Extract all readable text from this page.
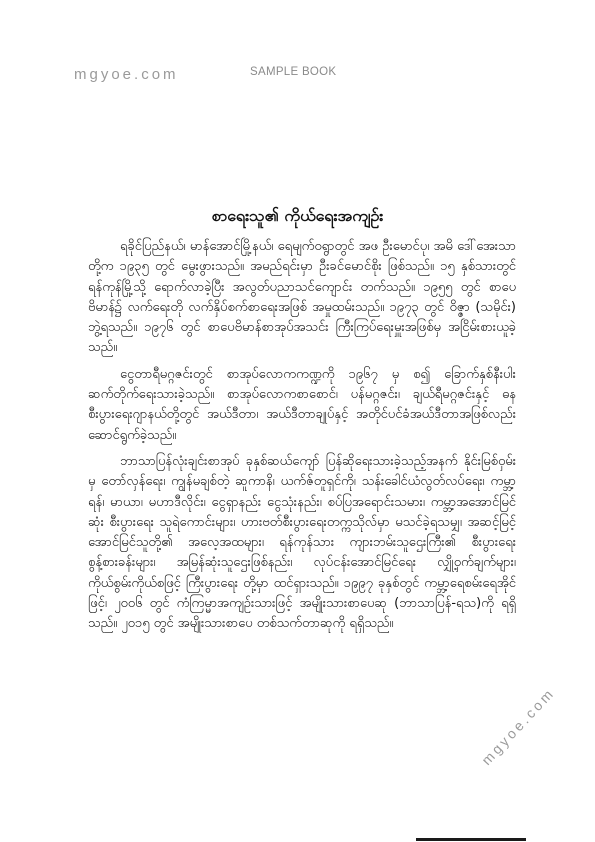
mgyoe.com	SAMPLE BOOK
စာရေးသူ၏ ကိုယ်ရေးအကျဉ်း

ရခိုင်ပြည်နယ်၊ မာန်အောင်မြို့နယ်၊ ရေမျက်ဝရွာတွင် အဖ ဦးမောင်ပု၊ အမိ ဒေါ်အေးသာတို့က ၁၉၃၅ တွင် မွေးဖွားသည်။ အမည်ရင်းမှာ ဦးခင်မောင်စိုး ဖြစ်သည်။ ၁၅ နှစ်သားတွင် ရန်ကုန်မြို့သို့ ရောက်လာခဲ့ပြီး အလွတ်ပညာသင်ကျောင်း တက်သည်။ ၁၉၅၅ တွင် စာပေဗိမာန်၌ လက်ရေးတို လက်နှိပ်စက်စာရေးအဖြစ် အမှုထမ်းသည်။ ၁၉၇၃ တွင် ဝိဇ္ဇာ (သမိုင်း) ဘွဲ့ရသည်။ ၁၉၇၆ တွင် စာပေဗိမာန်စာအုပ်အသင်း ကြီးကြပ်ရေးမှူးအဖြစ်မှ အငြိမ်းစားယူခဲ့သည်။

ငွေတာရီမဂ္ဂဇင်းတွင် စာအုပ်လောကကဏ္ဍကို ၁၉၆၇ မှ စ၍ ခြောက်နှစ်နီးပါး ဆက်တိုက်ရေးသားခဲ့သည်။ စာအုပ်လောကစာစောင်၊ ပန်မဂ္ဂဇင်း၊ ချယ်ရီမဂ္ဂဇင်းနှင့် ဓနစီးပွားရေးဂျာနယ်တို့တွင် အယ်ဒီတာ၊ အယ်ဒီတာချုပ်နှင့် အတိုင်ပင်ခံအယ်ဒီတာအဖြစ်လည်း ဆောင်ရွက်ခဲ့သည်။

ဘာသာပြန်လုံးချင်းစာအုပ် ခုနှစ်ဆယ်ကျော် ပြန်ဆိုရေးသားခဲ့သည့်အနက် နိုင်းမြစ်ဝှမ်းမှ တော်လှန်ရေး၊ ကျွန်မချစ်တဲ့ ဆူကာနိ၊ ယက်ဇ်တူရှင်ကို၊ သန်းခေါင်ယံလွတ်လပ်ရေး၊ ကမ္ဘာ့ရန်၊ မာယာ၊ မဟာဒီလိုင်း၊ ငွေရှာနည်း ငွေသုံးနည်း၊ စပ်ပြအရောင်းသမား၊ ကမ္ဘာ့အအောင်မြင်ဆုံး စီးပွားရေး သူရဲကောင်းများ၊ ဟားဗတ်စီးပွားရေးတက္ကသိုလ်မှာ မသင်ခဲ့ရသမျှ၊ အဆင့်မြင့် အောင်မြင်သူတို့၏ အလေ့အထများ၊ ရန်ကုန်သား ကျားဘမ်းသူဌေးကြီး၏ စီးပွားရေးစွန့်စားခန်းများ၊ အမြန်ဆုံးသူဌေးဖြစ်နည်း၊ လုပ်ငန်းအောင်မြင်ရေး လျှို့ဝှက်ချက်များ၊ ကိုယ်စွမ်းကိုယ်စဖြင့် ကြီးပွားရေး တို့မှာ ထင်ရှားသည်။ ၁၉၉၇ ခုနှစ်တွင် ကမ္ဘာ့ရေစမ်းရေအိုင်ဖြင့်၊ ၂၀၀၆ တွင် ကံကြမ္မာအကျဉ်းသားဖြင့် အမျိုးသားစာပေဆု (ဘာသာပြန်-ရသ)ကို ရရှိသည်။ ၂၀၁၅ တွင် အမျိုးသားစာပေ တစ်သက်တာဆုကို ရရှိသည်။

mgyoe.com
